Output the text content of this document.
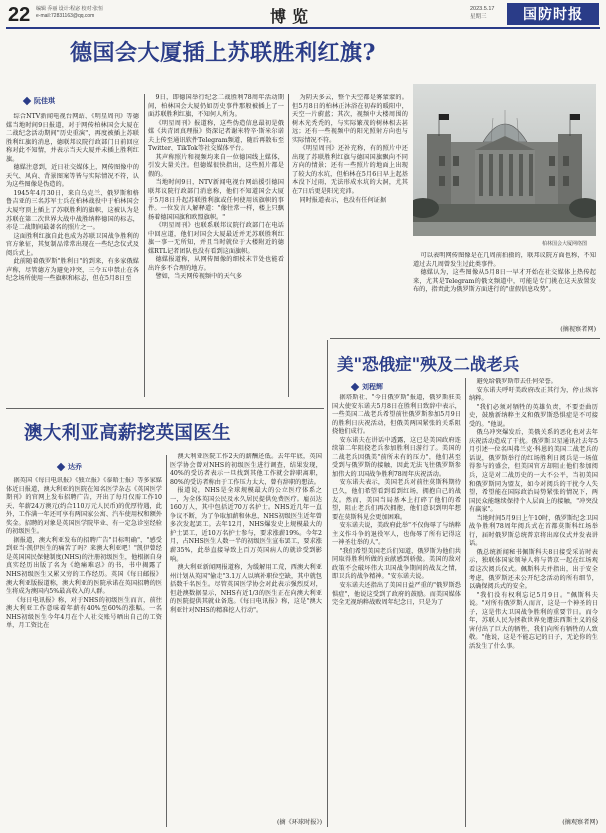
22 编辑 乔丽 设计:程宓 校对:张恒
e-mail:72831163@qq.com	博览	2023.5.17
星期三	国防时报
德国会大厦插上苏联胜利红旗?
阮佳琪

综合NTV新闻电视台网站、《明星周刊》等德媒当地时间9日报道，对于网传柏林国会大厦在二战纪念活动期间"历史重演"，再度被插上苏联胜利红旗的消息，德联邦议院行政部门日前回应称对此不知情，并表示当天大厦并未插上胜利红旗。

德媒注意到，近日社交媒体上，网传图像中的天气、风向、背景图案等皆与实际情况不符，认为这些图像是伪造的。

1945年4月30日，来自乌克兰、俄罗斯和格鲁吉亚的三名苏军士兵在柏林战役中于柏林国会大厦穹顶上插上了苏联胜利的旗帜，这被认为是苏联在第二次世界大战中战胜纳粹德国的标志，亦是二战期间最著名的照片之一。

这面胜利红旗自此也成为苏联卫国战争胜利的官方象征，其复制品常常出现在一些纪念仪式及阅兵式上。

此前随着俄罗斯"胜利日"的到来，有多家俄媒声称，尽管德方为避免冲突，三令五申禁止在各纪念场所使用一些旗帜和标志，但在5月8日至

9日，即德国举行纪念二战胜利78周年活动期间，柏林国会大厦仍如历史事件那般被插上了一面苏联胜利红旗，不知何人所为。

《明星周刊》报道称，这些伪造信息最初是俄媒《共青团真理报》资深记者谢米特辛·斯米尔诺夫上传至通讯软件Telegram频道，随后再散布至Twitter、TikTok等社交媒体平台。

其声称照片和视频均来自一位德国线上媒体，引发大量关注。但德媒很快指出，这些照片都是假的。

当地时间9日，NTV新闻电视台网站援引德国联邦议院行政部门消息称，他们不知道国会大厦于5月8日升起苏联胜利旗或任何使用该旗帜的事件。一位发言人解释道："像往常一样，楼上只飘扬着德国国旗和欧盟旗帜。"

《明星周刊》也联系联邦议院行政部门在电话中回应道，他们对国会大厦最近并无苏联胜利红旗一事一无所知，并且当时就位于大楼附近的德媒RTL记者团队也没有看到这面旗帜。

德媒报道称，从网传图像的细枝末节处也能看出许多不合理的地方。

譬如，当天网传视频中的天气多

为阴天多云，整个天空都是雾蒙蒙的。但5月8日的柏林正沐浴在初春的暖阳中，天空一片蔚蓝；其次，视频中大楼周围的树木光秃秃的，与实际繁茂的树林相去甚远；还有一些视频中的阳光照射方向也与实际情况不符。

《明星周刊》还补充称，有的照片中还出现了苏联胜利红旗与德国国旗飘向不同方向的情景；还有一些照片的地面上出现了较大的水坑，但柏林在5月6日早上起基本没下过雨，无法形成水坑的大洞，尤其在7日后更是阳光充沛。

同时报道表示，也没有任何证据

柏林国会大厦网络图

可以表明网传图像是在几周前拍摄的，联邦议院方面也称，不知道过去几周曾发生过此类事件。

德媒认为，这些图像从5月8日一早才开始在社交媒体上热传起来，尤其是Telegram的俄文频道中，可能是专门挑在这天放置发布的，指责此为俄罗斯方面进行的"虚假信息攻势"。

(摘视察者网)
澳大利亚高薪挖英国医生
达乔

据英国《每日电讯报》《独立报》《泰晤士报》等多家媒体近日报道，澳大利亚的医院在知名医学杂志《英国医学期刊》的官网上发布招聘广告，开出了每月仅需工作10天、年薪24万澳元(约合110万元人民币)的优厚待遇，此外，工作满一年还可享有两国家公寓、汽车使用权和额外奖金。招聘的对象是英国医学院毕业、有一定急诊室经验的初级医生。

据报道，澳大利亚发布的招聘广告"目标明确"，"感受到亚当·凯伊医生的痛苦了吗？来澳大利亚吧！"凯伊曾经是英国国民保健制度(NHS)的注册初级医生，他根据自身真实经历出版了名为《绝痛难忍》的书，书中揭露了NHS初级医生又累又穷的工作经历。英国《每日邮报》澳大利亚版报道称，澳大利亚的医院承诺在英国招聘的医生将成为澳国内5%最高收入的人群。

《每日电讯报》称，对于NHS的初级医生而言，前往澳大利亚工作意味着年薪有40%至60%的涨幅。一名NHS初级医生今年4月在个人社交账号晒出自己的工资单，月工资比在

澳大利亚医院工作2天的薪酬还低。去年年底，英国医学协会曾对NHS的初级医生进行调查，结果发现，40%的受访者表示一旦找到其他工作就会辞职离职，80%的受访者称由于工作压力太大，曾有辞职的想法。

报道说，NHS是全球规模最大的公立医疗体系之一，为全体英国公民及永久居民提供免费医疗。雇员达160万人，其中包括近70万名护士。NHS近几年一直争议不断，为了争取加薪和休息，NHS初级医生近年曾多次发起罢工。去年12月，NHS爆发史上规模最大的护士罢工，近10万名护士参与，要求涨薪19%。今年2月，占NHS医生人数一半的初级医生宣布罢工，要求涨薪35%，此举直接导致上百万英国病人的就诊受到影响。

澳大利亚新闻网报道称，为缓解用工荒，西澳大利亚州计划从英国"偷走"3.1万人以填补职位空缺，其中就包括数千名医生。尽管英国医学协会对此表示强烈反对，但赴澳数据显示，NHS有近1/3的医生正在向澳大利亚的医院提供其就业备选。《每日电讯报》称，这是"澳大利亚针对NHS的精准挖人行动"。

(摘《环球时报》)
美"恐俄症"殃及二战老兵
刘程辉

据塔斯社、"今日俄罗斯"报道，俄罗斯驻美国大使安东诺夫5月8日在胜利日致辞中表示，一些美国二战老兵希望前往俄罗斯参加5月9日的胜利日庆祝活动，但俄美两国紧张的关系阻挠他们成行。

安东诺夫在讲话中透露，这已是美国政府连续第二年阻挠老兵参加胜利日游行了。美国的二战老兵因俄美"前所未有的压力"，他们甚至受到与俄罗斯的接触，因此无法飞往俄罗斯参加伟大的卫国战争胜利78周年庆祝活动。

安东诺夫表示，美国老兵对前往莫斯科期待已久，他们希望看到看到红场，拥抱自己的战友。然而，美国当局基本上打碎了他们的希望，阻止老兵们再次拥抱，他们意识到明年想要在莫斯科见会更加困难。

安东诺夫说，美政府此举"不仅侮辱了与纳粹主义作斗争的退役军人，也侮辱了所有记得这一神圣壮举的人"。

"我们希望美国老兵们知道，俄罗斯为他们共同取得胜利所做的贡献感到骄傲。美国的敌对政策不会破坏伟大卫国战争期间的战友之情，即卫兵的战争精神。"安东诺夫说。

安东诺夫还指出了美国日益严重的"俄罗斯恐惧症"，他说这受到了政府的鼓励。而美国媒体完全无视纳粹战败周年纪念日，只是为了

避免给俄罗斯带去任何荣誉。

安东诺夫呼吁美政府改正其行为，停止纵容纳粹。

"我们必须对牺牲的英雄负责，不要歪曲历史，鼓励新纳粹主义和俄罗斯恐惧症是不可接受的。"他说。

俄乌冲突爆发后，美俄关系的恶化也对去年庆祝活动造成了干扰。俄罗斯卫星通讯社去年5月引述一位名叫弗兰克·科恩的美国二战老兵的话说，俄罗斯举行的红场胜利日阅兵是一场值得参与的盛会，但美国官方却阻止他们参加阅兵，这是对二战历史的一大不公平，当初美国和俄罗斯同为盟友，如今对阅兵的干扰令人失望，希望能在国际政治局势紧张的情况下，两国民众能继续保持个人层面上的接触，"冲突没有赢家"。

当地时间5月9日上午10时，俄罗斯纪念卫国战争胜利78周年阅兵式在首都莫斯科红场举行，届时俄罗斯总统普京将出席仪式并发表讲话。

俄总统新闻秘书佩斯科夫8日接受采访时表示，独联体国家领导人将与普京一起在红场观看这次阅兵仪式。佩斯科夫并指出，出于安全考虑，俄罗斯还未公开纪念活动的所有细节，以确保阅兵式的安全。

"我们没有权利忘记5月9日。"佩斯科夫说。"对所有俄罗斯人而言，这是一个神圣的日子，这是伟大卫国战争胜利的重要节日。而今年，苏联人民为拯救世界免遭法西斯主义的侵害付出了巨大的牺牲，我们向所有牺牲的人致敬。"他说，这是不能忘记的日子，无论你的生活发生了什么事。

(摘观察者网)
